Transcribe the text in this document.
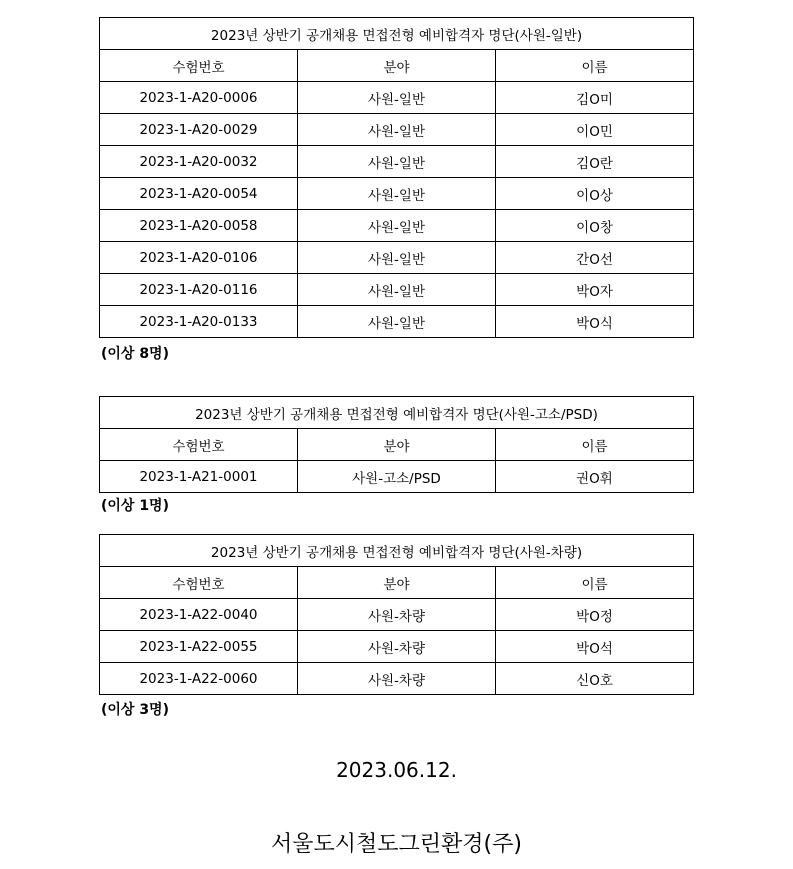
2023년 상반기 공개채용 면접전형 예비합격자 명단(사원-일반)		
수험번호	분야	이름
2023-1-A20-0006	사원-일반	김O미
2023-1-A20-0029	사원-일반	이O민
2023-1-A20-0032	사원-일반	김O란
2023-1-A20-0054	사원-일반	이O상
2023-1-A20-0058	사원-일반	이O창
2023-1-A20-0106	사원-일반	간O선
2023-1-A20-0116	사원-일반	박O자
2023-1-A20-0133	사원-일반	박O식
(이상 8명)
2023년 상반기 공개채용 면접전형 예비합격자 명단(사원-고소/PSD)		
수험번호	분야	이름
2023-1-A21-0001	사원-고소/PSD	권O휘
(이상 1명)
2023년 상반기 공개채용 면접전형 예비합격자 명단(사원-차량)		
수험번호	분야	이름
2023-1-A22-0040	사원-차량	박O정
2023-1-A22-0055	사원-차량	박O석
2023-1-A22-0060	사원-차량	신O호
(이상 3명)
2023.06.12.
서울도시철도그린환경(주)
